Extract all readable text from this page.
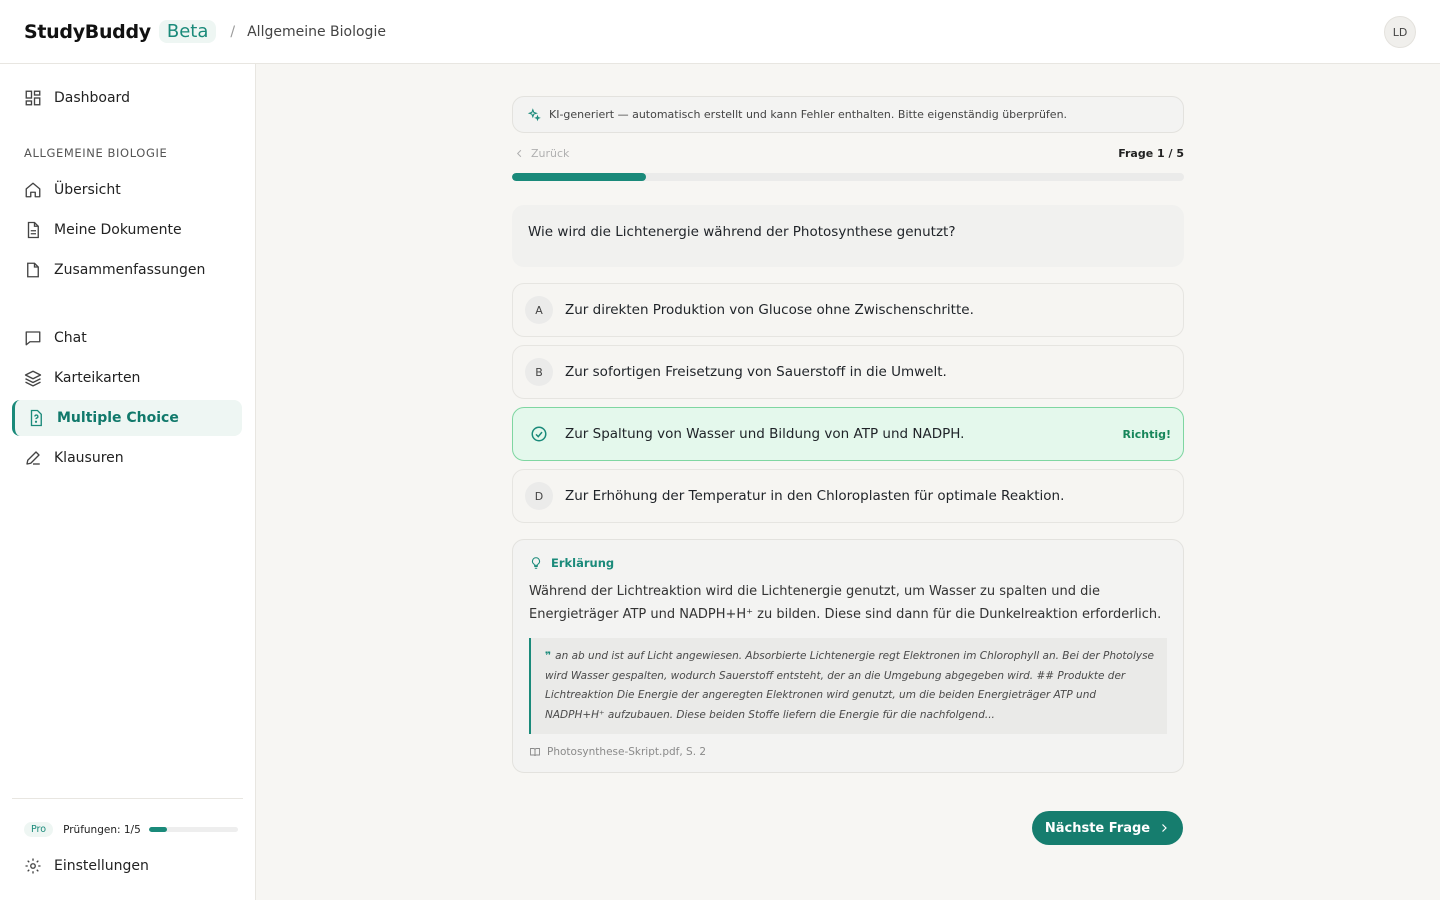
StudyBuddy Beta	/ Allgemeine Biologie	LD
Dashboard
ALLGEMEINE BIOLOGIE
Übersicht
Meine Dokumente
Zusammenfassungen
Chat
Karteikarten
Multiple Choice
Klausuren
Pro	Prüfungen: 1/5
Einstellungen
KI-generiert — automatisch erstellt und kann Fehler enthalten. Bitte eigenständig überprüfen.
Zurück	Frage 1 / 5
Wie wird die Lichtenergie während der Photosynthese genutzt?
A	Zur direkten Produktion von Glucose ohne Zwischenschritte.
B	Zur sofortigen Freisetzung von Sauerstoff in die Umwelt.
Zur Spaltung von Wasser und Bildung von ATP und NADPH.	Richtig!
D	Zur Erhöhung der Temperatur in den Chloroplasten für optimale Reaktion.
Erklärung
Während der Lichtreaktion wird die Lichtenergie genutzt, um Wasser zu spalten und die Energieträger ATP und NADPH+H⁺ zu bilden. Diese sind dann für die Dunkelreaktion erforderlich.
❞ an ab und ist auf Licht angewiesen. Absorbierte Lichtenergie regt Elektronen im Chlorophyll an. Bei der Photolyse wird Wasser gespalten, wodurch Sauerstoff entsteht, der an die Umgebung abgegeben wird. ## Produkte der Lichtreaktion Die Energie der angeregten Elektronen wird genutzt, um die beiden Energieträger ATP und NADPH+H⁺ aufzubauen. Diese beiden Stoffe liefern die Energie für die nachfolgend...
Photosynthese-Skript.pdf, S. 2
Nächste Frage
